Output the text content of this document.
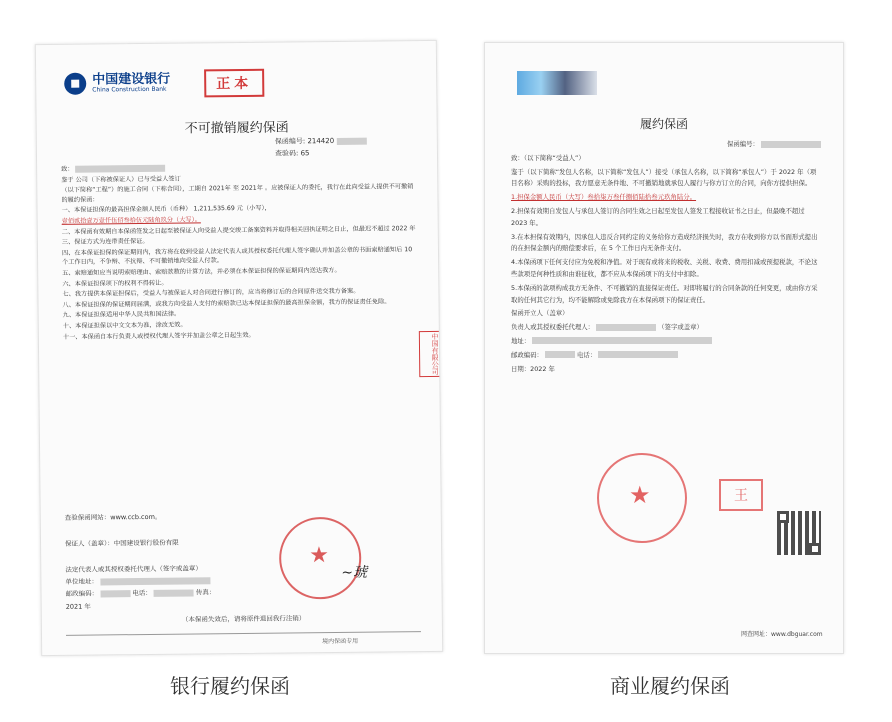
中国建设银行
China Construction Bank	正本
不可撤销履约保函
保函编号: 214420
查验码: 65

致：

鉴于 公司（下称被保证人）已与受益人签订

（以下简称“工程”）的施工合同（下称合同），工期自 2021年 至 2021年 。应被保证人的委托，我行在此向受益人提供不可撤销的履约保函：

一、本保证担保的最高担保金额人民币（币种） 1,211,535.69 元（小写），

壹佰贰拾壹万壹仟伍佰叁拾伍元陆角玖分（大写）。

二、本保函有效期自本保函签发之日起至被保证人向受益人提交竣工备案资料并取得相关回执证明之日止，但最迟不超过 2022 年

三、保证方式为连带责任保证。

四、在本保证担保的保证期间内，我方将在收到受益人法定代表人或其授权委托代理人签字确认并加盖公章的书面索赔通知后 10 个工作日内，不争辩、不抗辩、不可撤销地向受益人付款。

五、索赔通知应当说明索赔理由、索赔款数的计算方法，并必须在本保证担保的保证期间内送达我方。

六、本保证担保项下的权利不得转让。

七、我方提供本保证担保后，受益人与被保证人对合同进行修订的，应当将修订后的合同原件送交我方备案。

八、本保证担保的保证期间届满，或我方向受益人支付的索赔款已达本保证担保的最高担保金额，我方的保证责任免除。

九、本保证担保适用中华人民共和国法律。

十、本保证担保以中文文本为准，涂改无效。

十一、本保函自本行负责人或授权代理人签字并加盖公章之日起生效。	中国有限公司
查验保函网站：www.ccb.com。
保证人（盖章）：中国建设银行股份有限
法定代表人或其授权委托代理人（签字或盖章）
单位地址：
邮政编码：	电话：	传真：
2021 年
（本保函失效后，请将原件退回我行注销）
★
~琥
境内保函专用
履约保函

保函编号：

致：（以下简称“受益人”）

鉴于（以下简称“发包人名称，以下简称“发包人”）接受（承包人名称，以下简称“承包人”）于 2022 年（项目名称）采购的投标，我方愿意无条件地、不可撤销地就承包人履行与你方订立的合同，向你方提供担保。

1.担保金额人民币（大写）叁拾柒万叁仟捌佰陆拾叁元玖角陆分。

2.担保有效期自发包人与承包人签订的合同生效之日起至发包人签发工程接收证书之日止，但最晚不超过 2023 年。

3.在本担保有效期内，因承包人违反合同约定的义务给你方造成经济损失时，我方在收到你方以书面形式提出的在担保金额内的赔偿要求后，在 5 个工作日内无条件支付。

4.本保函项下任何支付应为免税和净值。对于现有或将来的税收、关税、收费、费用扣减或预提税款，不论这些款项是何种性质和由谁征收，都不应从本保函项下的支付中扣除。

5.本保函的款项构成我方无条件、不可撤销的直接保证责任。对即将履行的合同条款的任何变更，或由你方采取的任何其它行为，均不能解除或免除我方在本保函项下的保证责任。

保函开立人（盖章）

负责人或其授权委托代理人：	（签字或盖章）

地址：

邮政编码：	电话：

日期：2022 年

★	王
网查网址：www.dbguar.com
银行履约保函	商业履约保函
